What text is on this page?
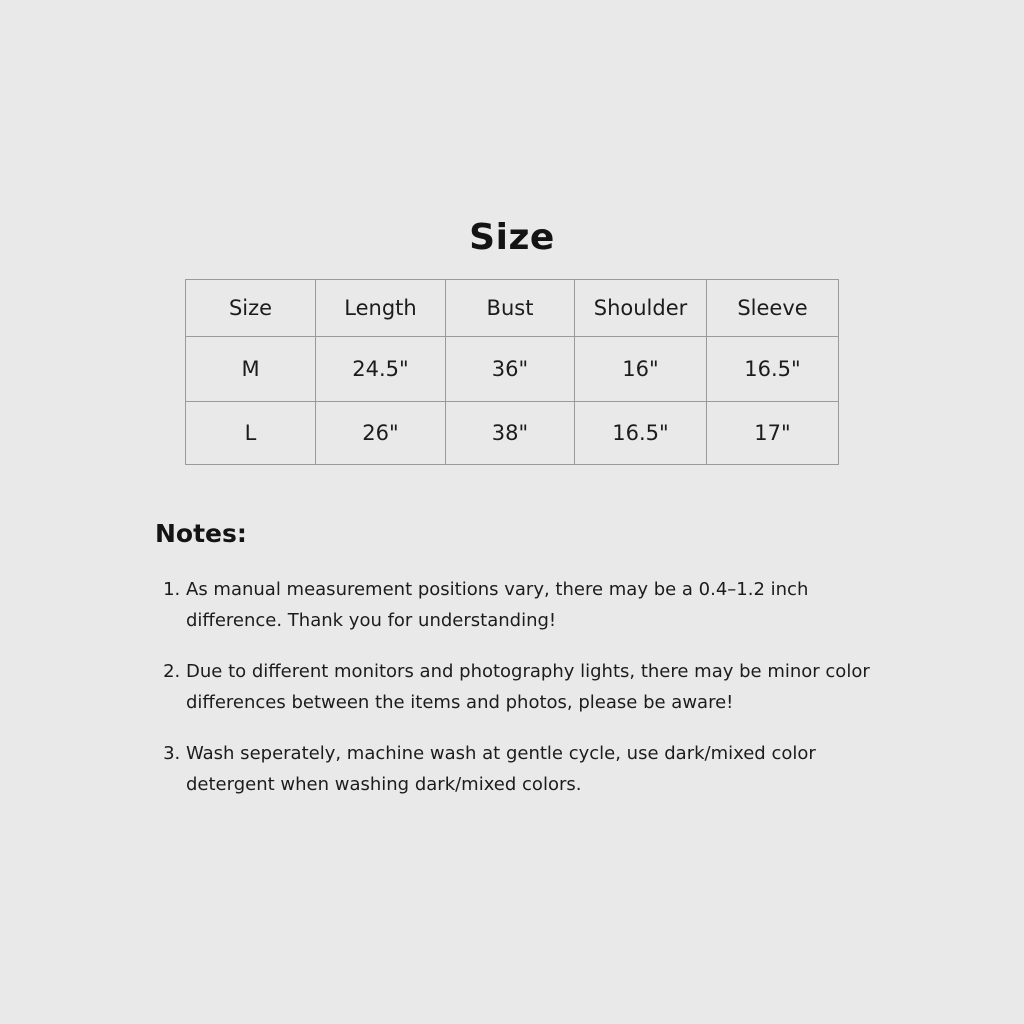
Size
Size	Length	Bust	Shoulder	Sleeve
M	24.5"	36"	16"	16.5"
L	26"	38"	16.5"	17"
Notes:
1. As manual measurement positions vary, there may be a 0.4–1.2 inch difference. Thank you for understanding!
2. Due to different monitors and photography lights, there may be minor color differences between the items and photos, please be aware!
3. Wash seperately, machine wash at gentle cycle, use dark/mixed color detergent when washing dark/mixed colors.
